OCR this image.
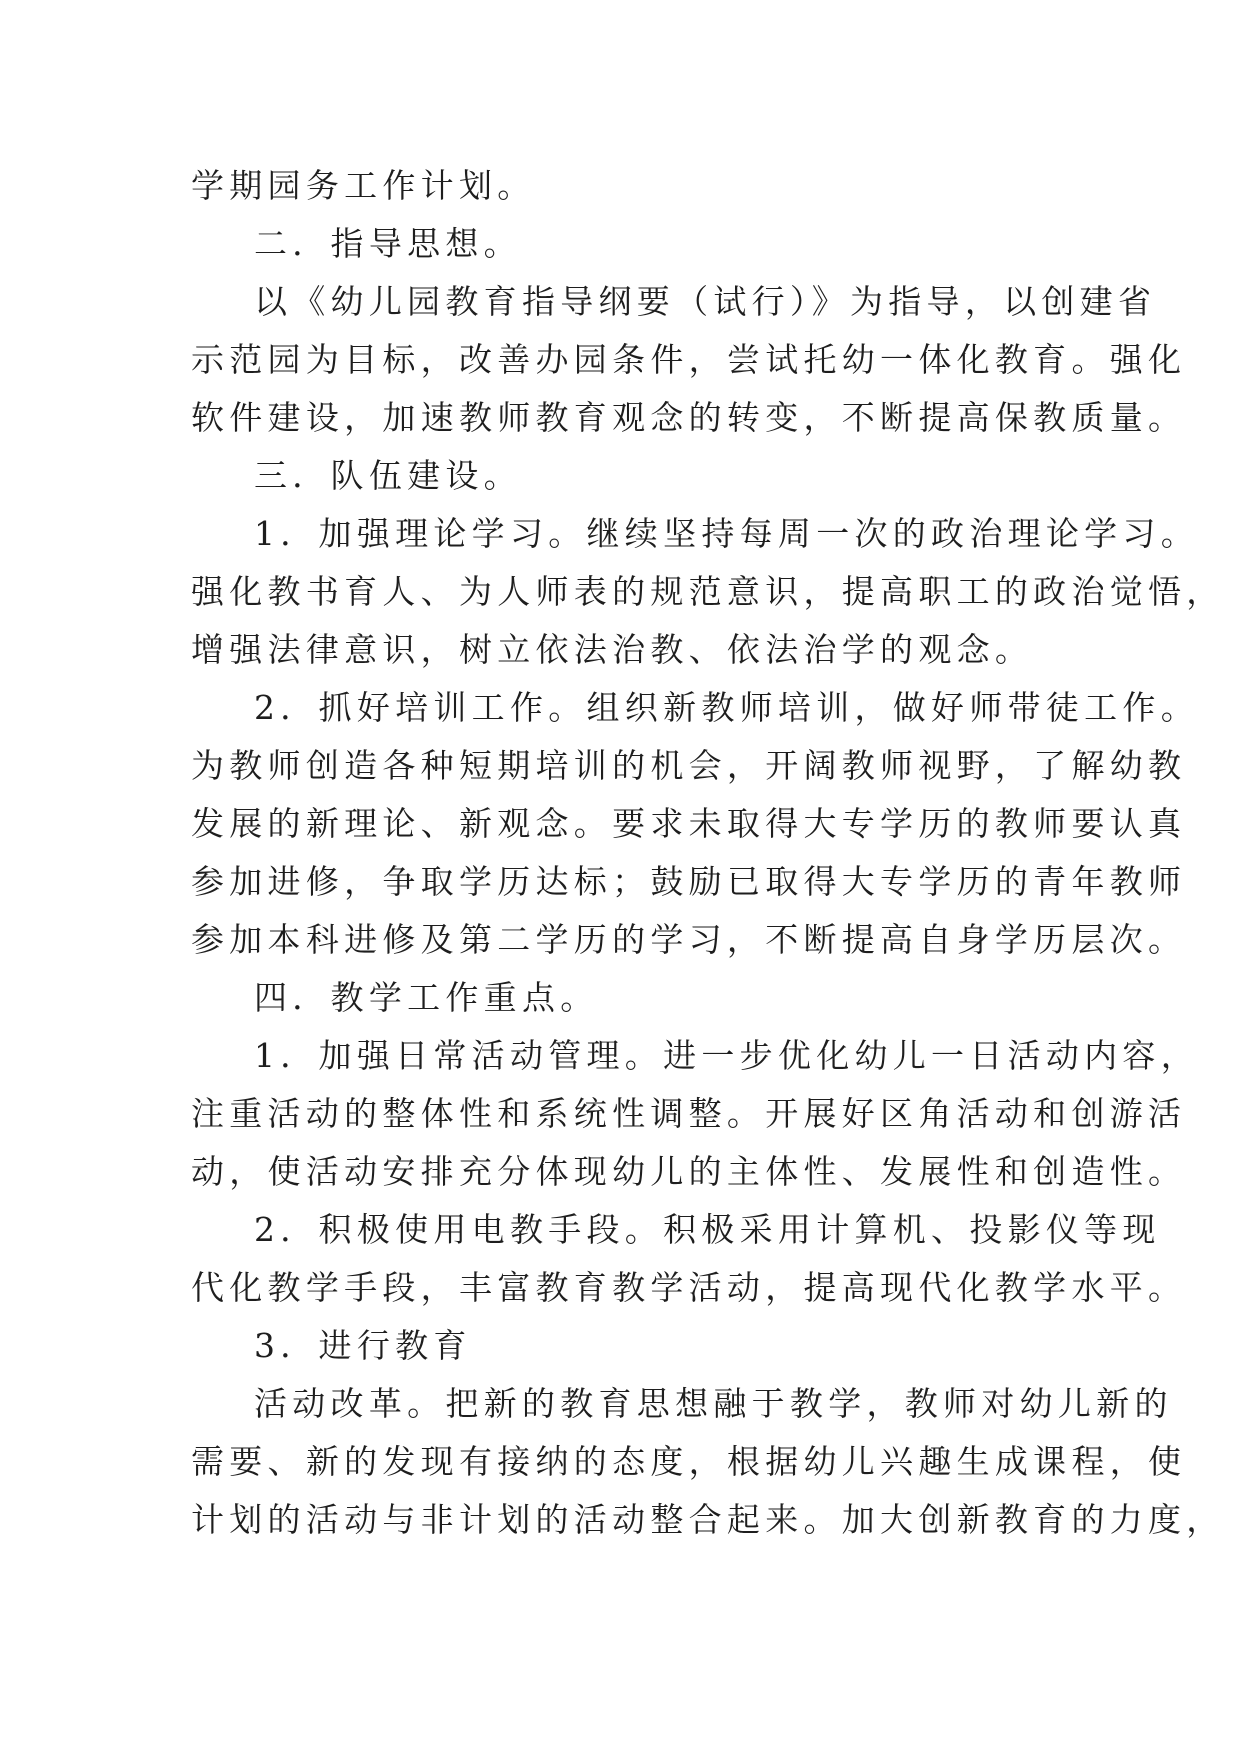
学期园务工作计划。
二．指导思想。
以《幼儿园教育指导纲要（试行）》为指导，以创建省
示范园为目标，改善办园条件，尝试托幼一体化教育。强化
软件建设，加速教师教育观念的转变，不断提高保教质量。
三．队伍建设。
1．加强理论学习。继续坚持每周一次的政治理论学习。
强化教书育人、为人师表的规范意识，提高职工的政治觉悟，
增强法律意识，树立依法治教、依法治学的观念。
2．抓好培训工作。组织新教师培训，做好师带徒工作。
为教师创造各种短期培训的机会，开阔教师视野，了解幼教
发展的新理论、新观念。要求未取得大专学历的教师要认真
参加进修，争取学历达标；鼓励已取得大专学历的青年教师
参加本科进修及第二学历的学习，不断提高自身学历层次。
四．教学工作重点。
1．加强日常活动管理。进一步优化幼儿一日活动内容，
注重活动的整体性和系统性调整。开展好区角活动和创游活
动，使活动安排充分体现幼儿的主体性、发展性和创造性。
2．积极使用电教手段。积极采用计算机、投影仪等现
代化教学手段，丰富教育教学活动，提高现代化教学水平。
3．进行教育
活动改革。把新的教育思想融于教学，教师对幼儿新的
需要、新的发现有接纳的态度，根据幼儿兴趣生成课程，使
计划的活动与非计划的活动整合起来。加大创新教育的力度，
